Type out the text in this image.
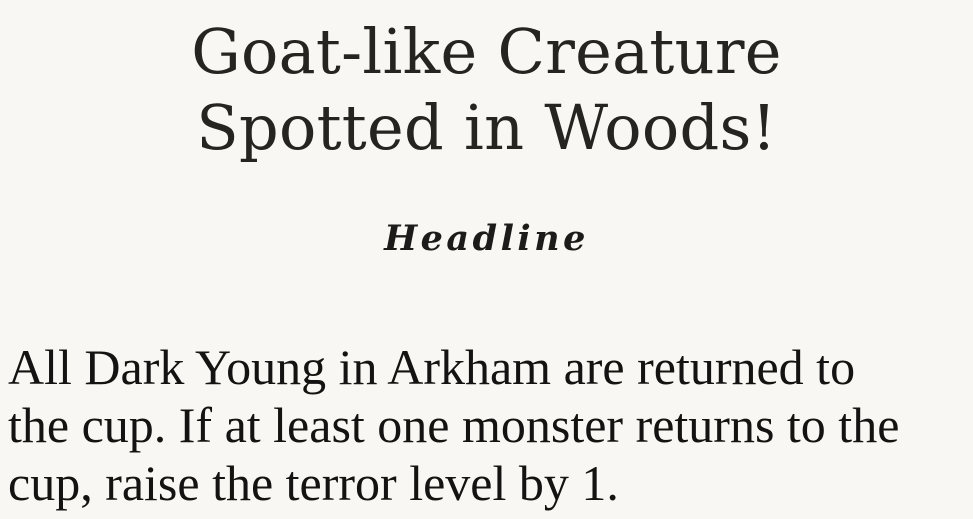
Goat-like Creature
Spotted in Woods!
Headline

All Dark Young in Arkham are returned to
the cup. If at least one monster returns to the
cup, raise the terror level by 1.
